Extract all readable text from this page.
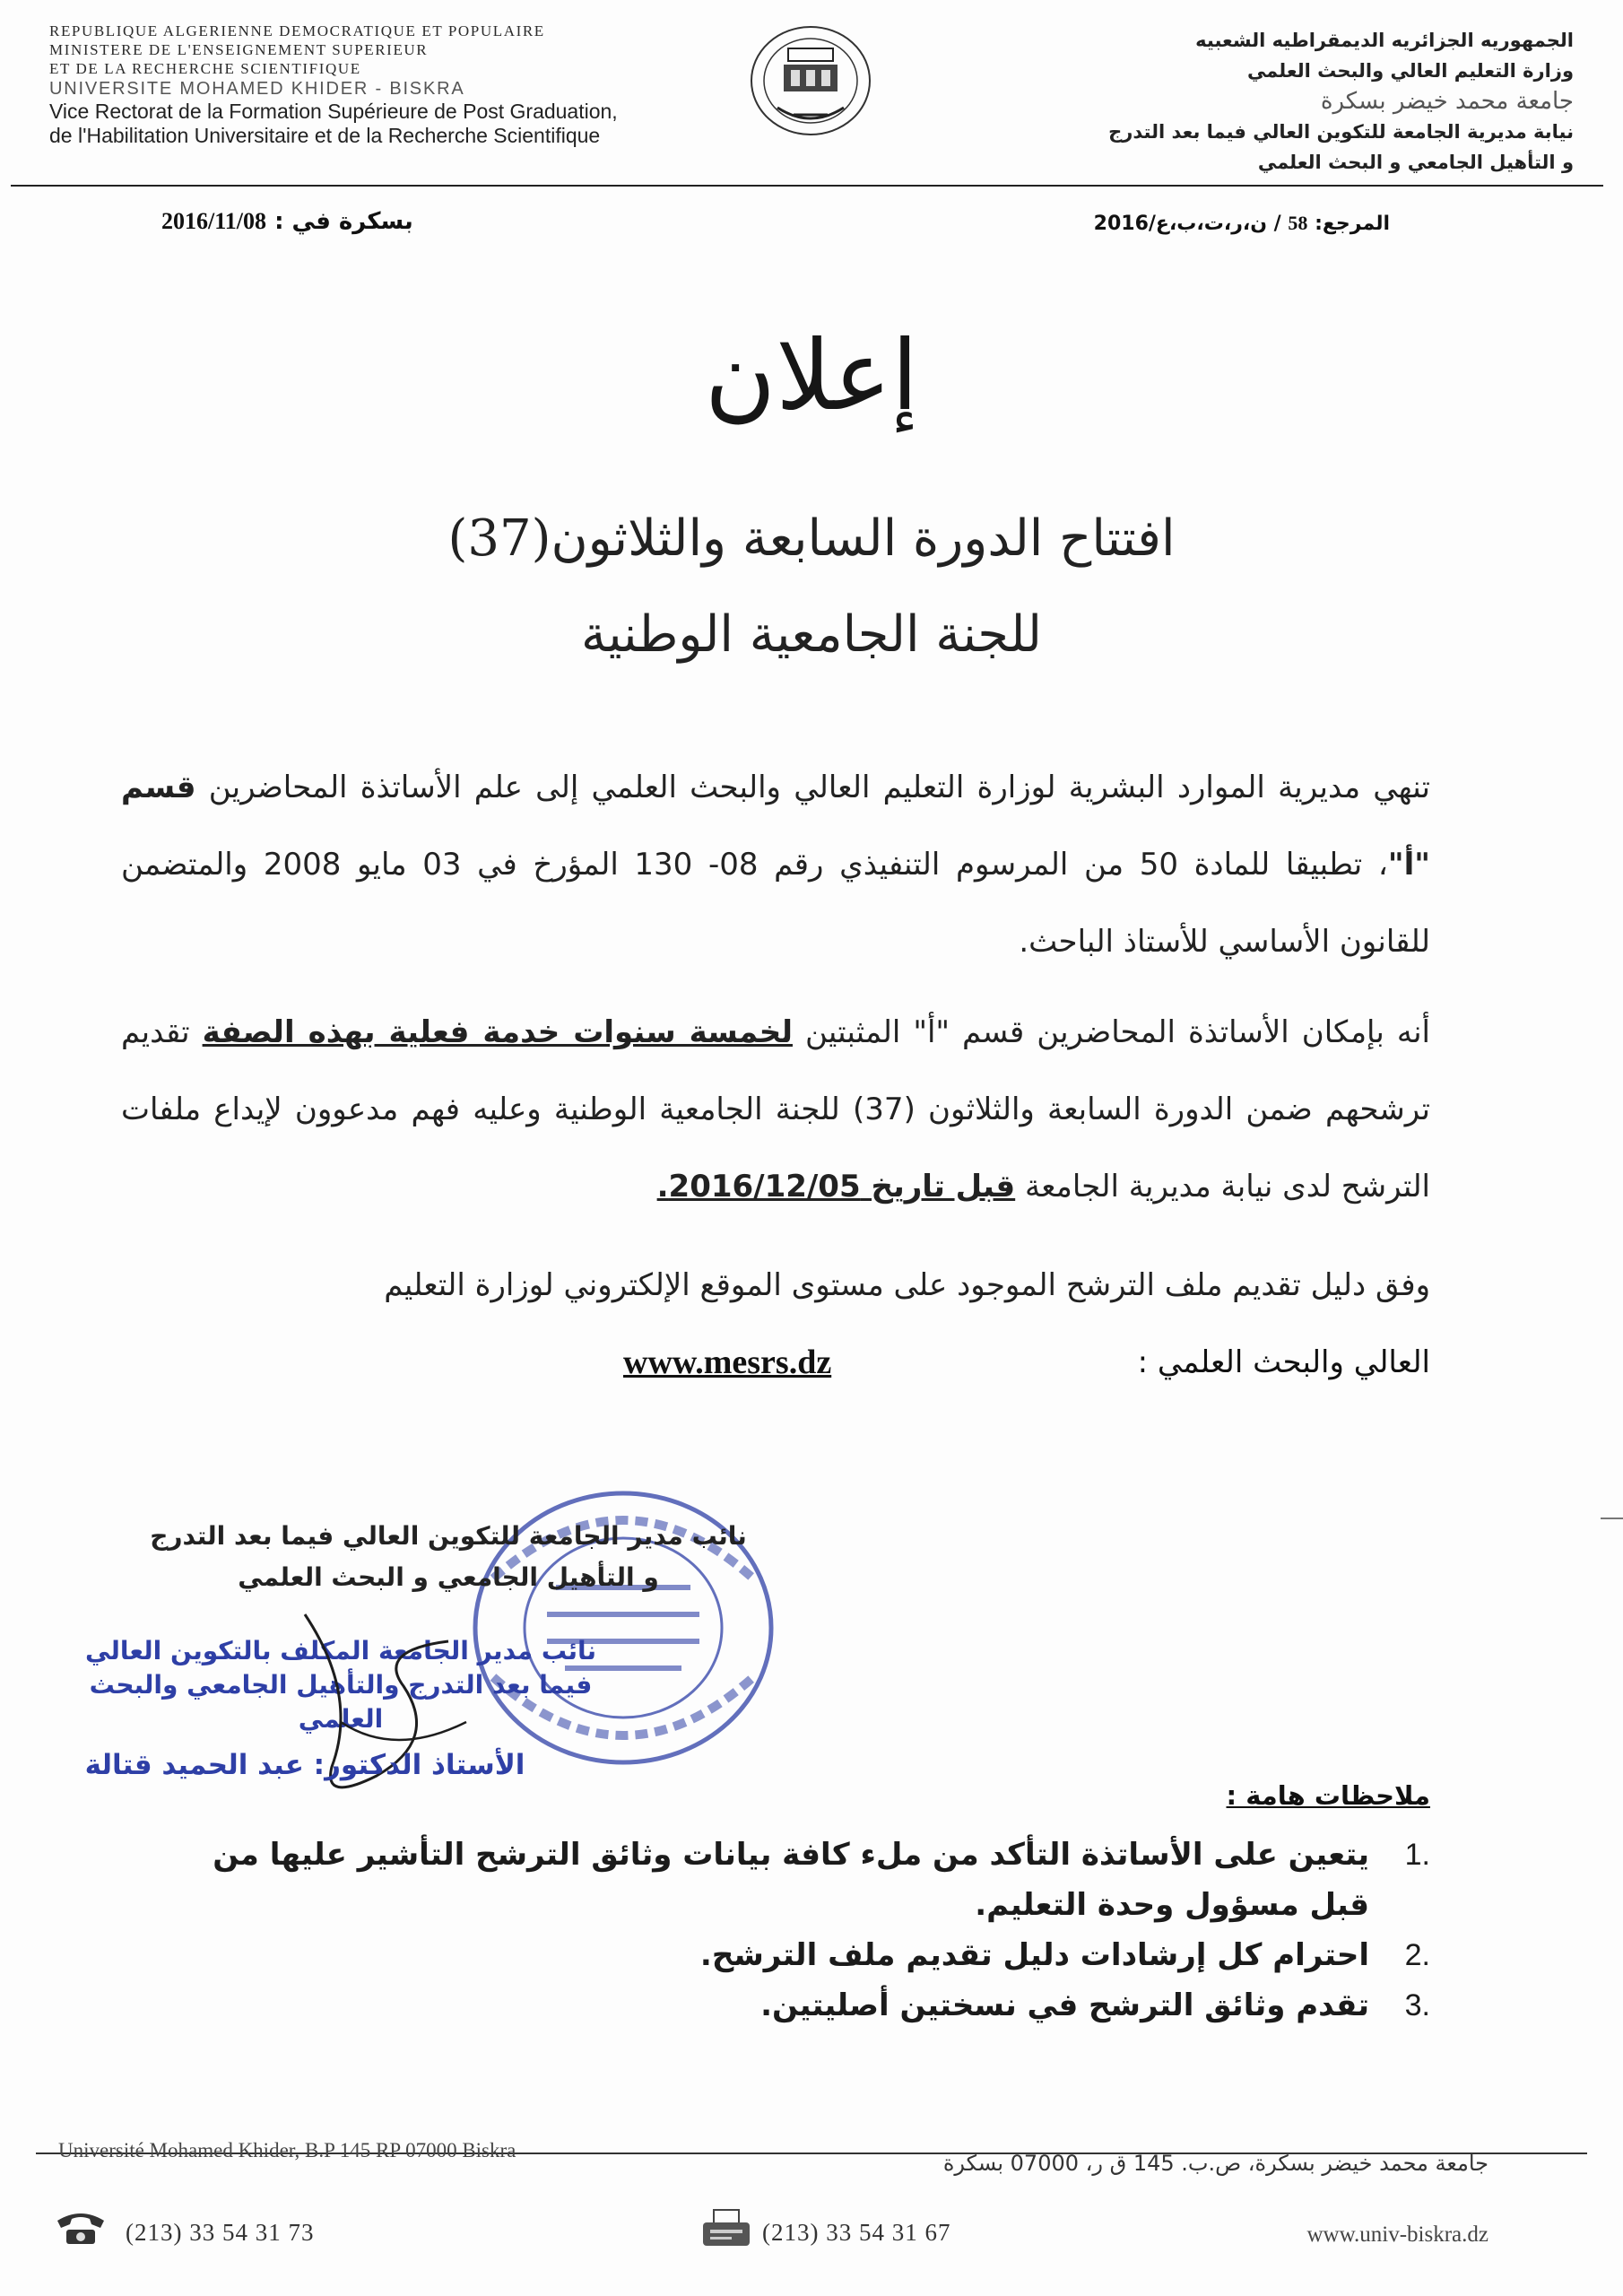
REPUBLIQUE ALGERIENNE DEMOCRATIQUE ET POPULAIRE
MINISTERE DE L'ENSEIGNEMENT SUPERIEUR
ET DE LA RECHERCHE SCIENTIFIQUE
UNIVERSITE MOHAMED KHIDER - BISKRA
Vice Rectorat de la Formation Supérieure de Post Graduation,
de l'Habilitation Universitaire et de la Recherche Scientifique
الجمهوريه الجزائريه الديمقراطيه الشعبيه
وزارة التعليم العالي والبحث العلمي
جامعة محمد خيضر بسكرة
نيابة مديرية الجامعة للتكوين العالي فيما بعد التدرج
و التأهيل الجامعي و البحث العلمي
المرجع: 58 / ن،ر،ت،ب،ع/2016
بسكرة في : 2016/11/08
إعلان
افتتاح الدورة السابعة والثلاثون(37)
للجنة الجامعية الوطنية
تنهي مديرية الموارد البشرية لوزارة التعليم العالي والبحث العلمي إلى علم الأساتذة المحاضرين قسم "أ"، تطبيقا للمادة 50 من المرسوم التنفيذي رقم 08- 130 المؤرخ في 03 مايو 2008 والمتضمن للقانون الأساسي للأستاذ الباحث.
أنه بإمكان الأساتذة المحاضرين قسم "أ" المثبتين لخمسة سنوات خدمة فعلية بهذه الصفة تقديم ترشحهم ضمن الدورة السابعة والثلاثون (37) للجنة الجامعية الوطنية وعليه فهم مدعوون لإيداع ملفات الترشح لدى نيابة مديرية الجامعة قبل تاريخ 2016/12/05.
وفق دليل تقديم ملف الترشح الموجود على مستوى الموقع الإلكتروني لوزارة التعليم
العالي والبحث العلمي :
www.mesrs.dz
نائب مدير الجامعة للتكوين العالي فيما بعد التدرج
و التأهيل الجامعي و البحث العلمي
نائب مدير الجامعة المكلف بالتكوين العالي
فيما بعد التدرج والتأهيل الجامعي والبحث العلمي
الأستاذ الدكتور: عبد الحميد قتالة
ملاحظات هامة :
1.
يتعين على الأساتذة التأكد من ملء كافة بيانات وثائق الترشح التأشير عليها من قبل مسؤول وحدة التعليم.
2.
احترام كل إرشادات دليل تقديم ملف الترشح.
3.
تقدم وثائق الترشح في نسختين أصليتين.
Université Mohamed Khider, B.P 145 RP 07000 Biskra
جامعة محمد خيضر بسكرة، ص.ب. 145 ق ر، 07000 بسكرة
(213) 33 54 31 73	(213) 33 54 31 67	www.univ-biskra.dz
